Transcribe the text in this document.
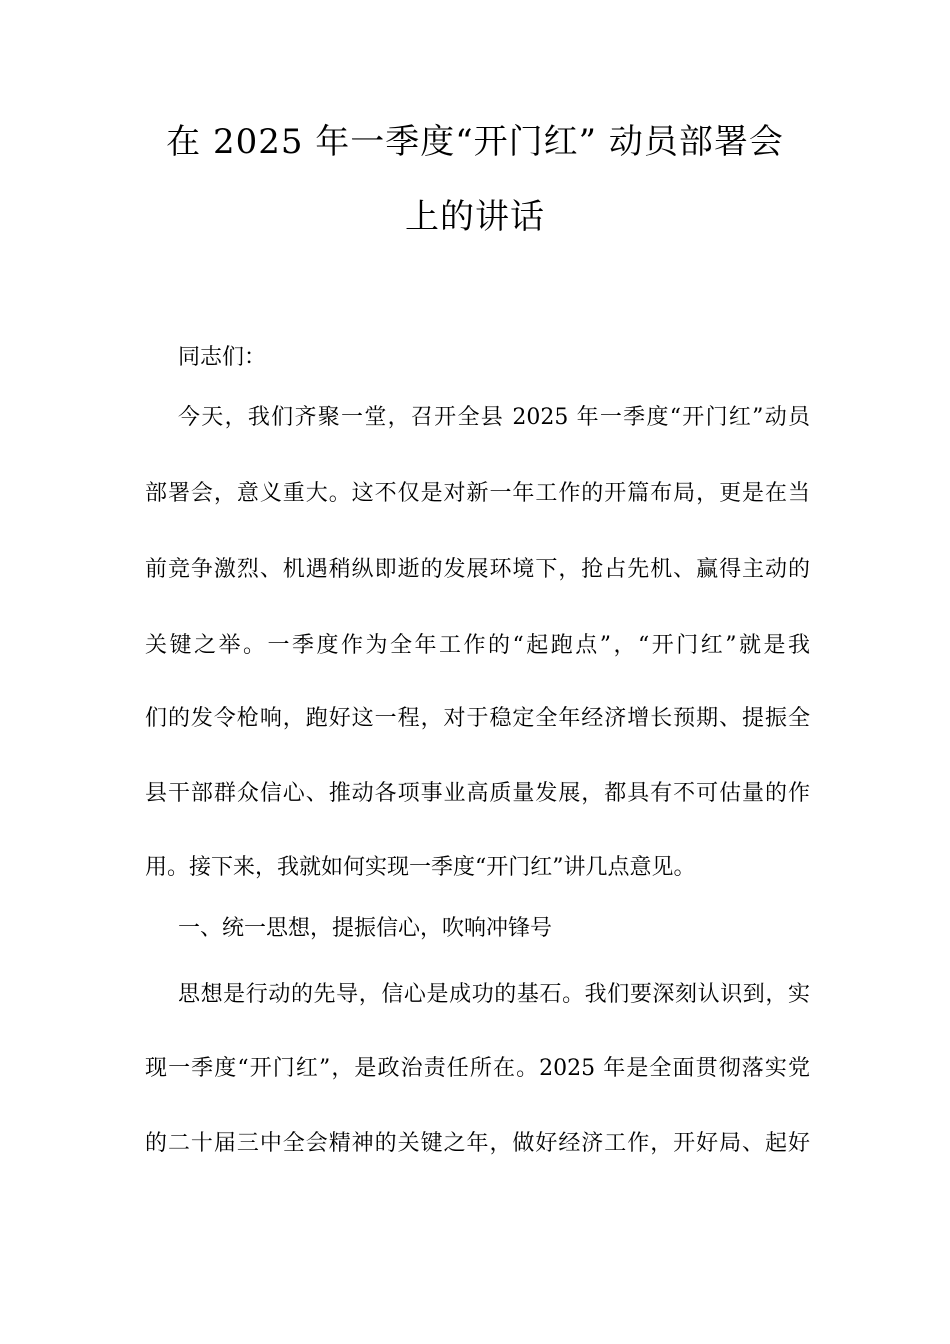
在 2025 年一季度“开门红” 动员部署会
上的讲话
同志们：
今天，我们齐聚一堂，召开全县 2025 年一季度“开门红”动员
部署会，意义重大。这不仅是对新一年工作的开篇布局，更是在当
前竞争激烈、机遇稍纵即逝的发展环境下，抢占先机、赢得主动的
关键之举。一季度作为全年工作的“起跑点”，“开门红”就是我
们的发令枪响，跑好这一程，对于稳定全年经济增长预期、提振全
县干部群众信心、推动各项事业高质量发展，都具有不可估量的作
用。接下来，我就如何实现一季度“开门红”讲几点意见。
一、统一思想，提振信心，吹响冲锋号
思想是行动的先导，信心是成功的基石。我们要深刻认识到，实
现一季度“开门红”，是政治责任所在。2025 年是全面贯彻落实党
的二十届三中全会精神的关键之年，做好经济工作，开好局、起好
